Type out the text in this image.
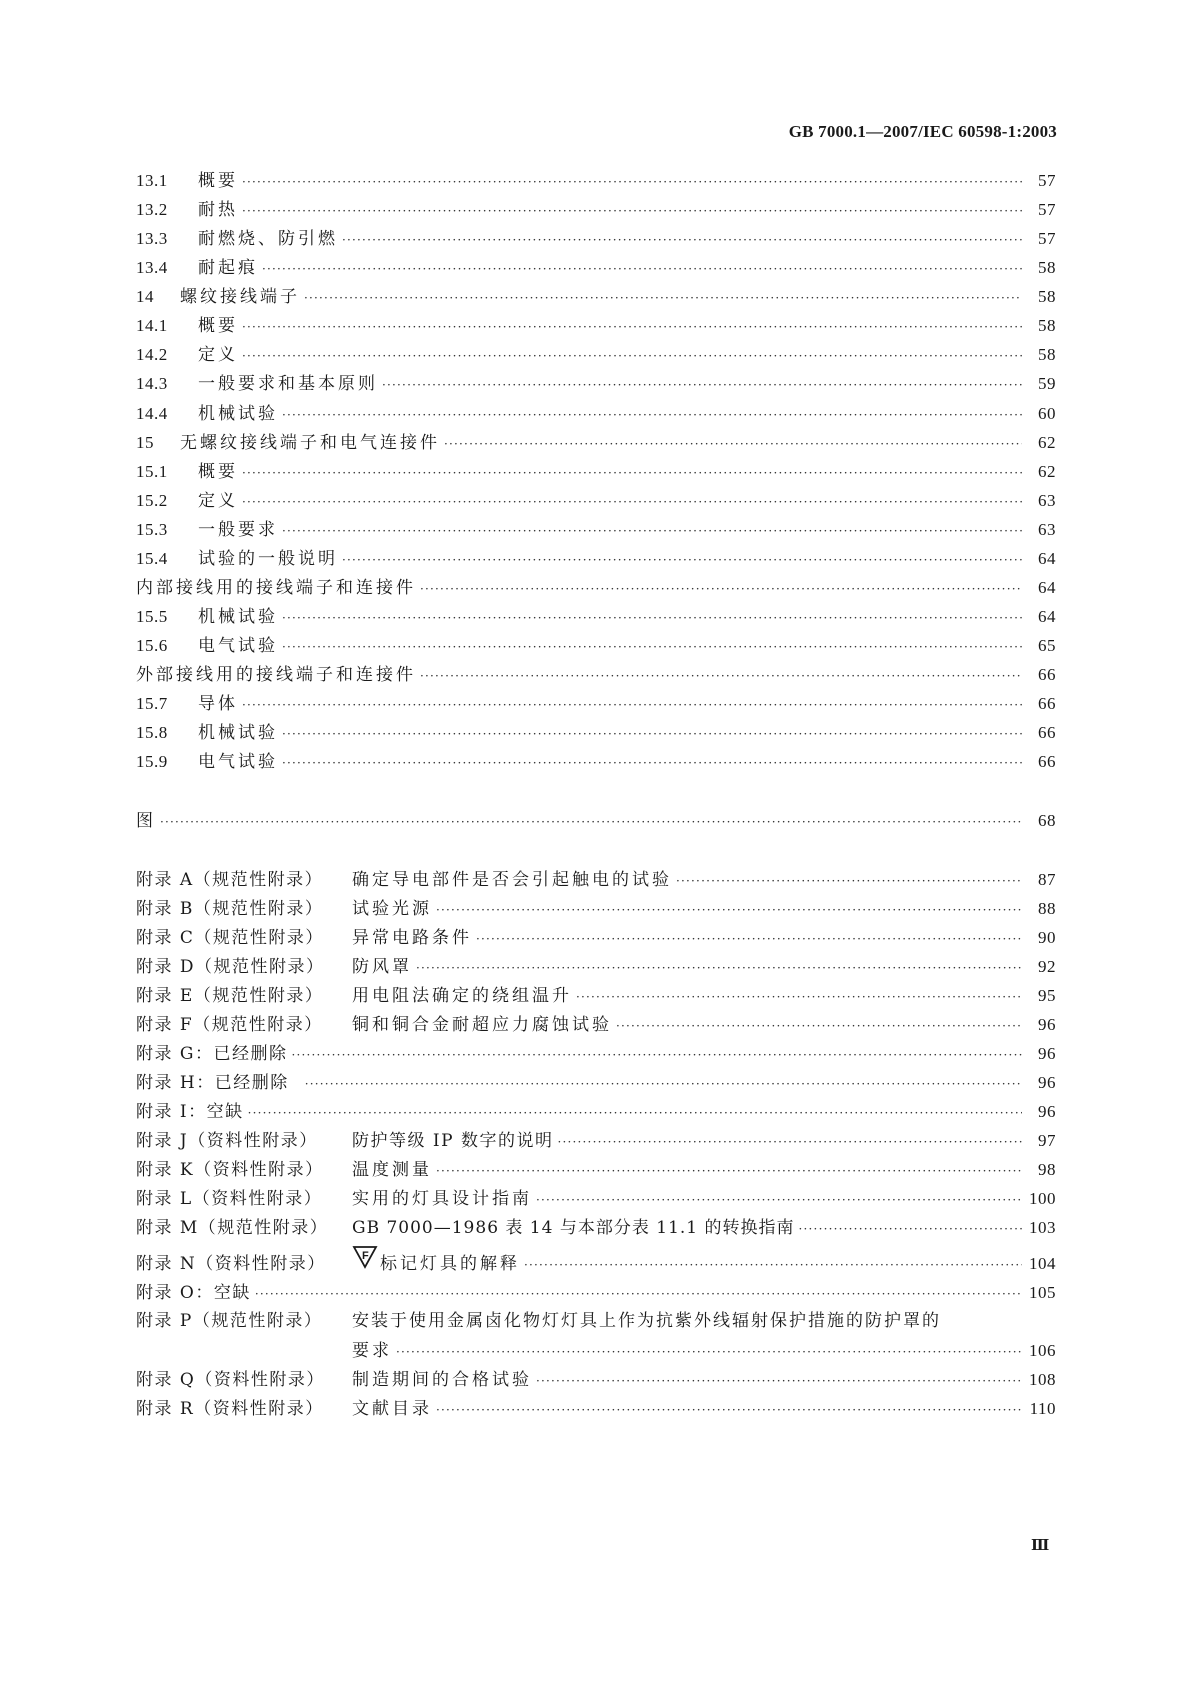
GB 7000.1—2007/IEC 60598-1:2003
13.1	概要 ·····	57
13.2	耐热 ·····	57
13.3	耐燃烧、防引燃 ·····	57
13.4	耐起痕 ·····	58
14	螺纹接线端子 ·····	58
14.1	概要 ·····	58
14.2	定义 ·····	58
14.3	一般要求和基本原则 ·····	59
14.4	机械试验 ·····	60
15	无螺纹接线端子和电气连接件 ·····	62
15.1	概要 ·····	62
15.2	定义 ·····	63
15.3	一般要求 ·····	63
15.4	试验的一般说明 ·····	64
内部接线用的接线端子和连接件 ·····	64
15.5	机械试验 ·····	64
15.6	电气试验 ·····	65
外部接线用的接线端子和连接件 ·····	66
15.7	导体 ·····	66
15.8	机械试验 ·····	66
15.9	电气试验 ·····	66
图 ·····	68
附录 A（规范性附录）	确定导电部件是否会引起触电的试验 ·····	87
附录 B（规范性附录）	试验光源 ·····	88
附录 C（规范性附录）	异常电路条件 ·····	90
附录 D（规范性附录）	防风罩 ·····	92
附录 E（规范性附录）	用电阻法确定的绕组温升 ·····	95
附录 F（规范性附录）	铜和铜合金耐超应力腐蚀试验 ·····	96
附录 G：已经删除 ·····	96
附录 H：已经删除 ·····	96
附录 I：空缺 ·····	96
附录 J（资料性附录）	防护等级 IP 数字的说明 ·····	97
附录 K（资料性附录）	温度测量 ·····	98
附录 L（资料性附录）	实用的灯具设计指南 ·····	100
附录 M（规范性附录）	GB 7000—1986 表 14 与本部分表 11.1 的转换指南 ·····	103
附录 N（资料性附录）	F 标记灯具的解释 ·····	104
附录 O：空缺 ·····	105
附录 P（规范性附录）	安装于使用金属卤化物灯灯具上作为抗紫外线辐射保护措施的防护罩的
要求 ·····	106
附录 Q（资料性附录）	制造期间的合格试验 ·····	108
附录 R（资料性附录）	文献目录 ·····	110
Ⅲ
